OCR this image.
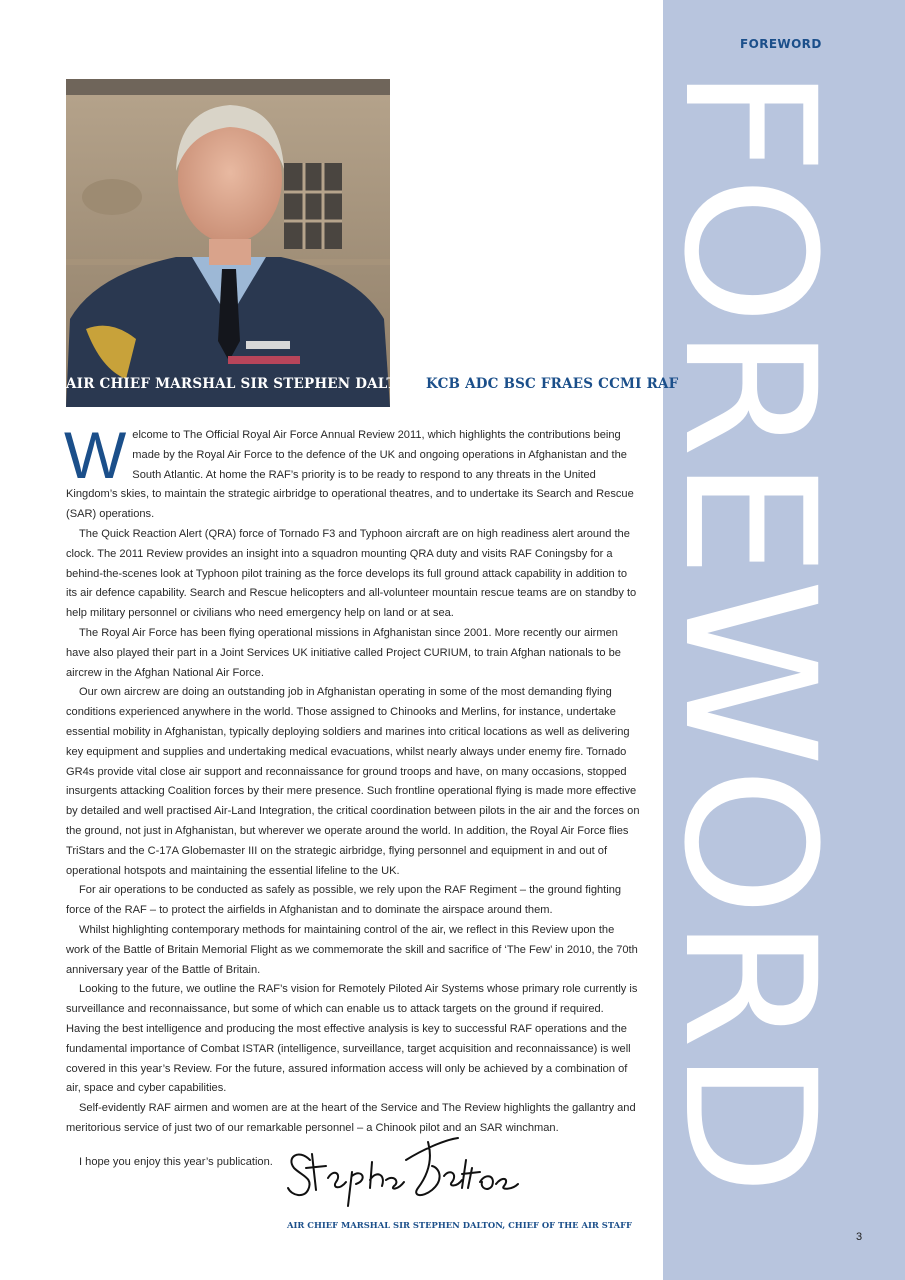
FOREWORD
FOREWORD
AIR CHIEF MARSHAL SIR STEPHEN DALTON KCB ADC BSC FRAES CCMI RAF

Welcome to The Official Royal Air Force Annual Review 2011, which highlights the contributions being made by the Royal Air Force to the defence of the UK and ongoing operations in Afghanistan and the South Atlantic. At home the RAF’s priority is to be ready to respond to any threats in the United Kingdom’s skies, to maintain the strategic airbridge to operational theatres, and to undertake its Search and Rescue (SAR) operations.

The Quick Reaction Alert (QRA) force of Tornado F3 and Typhoon aircraft are on high readiness alert around the clock. The 2011 Review provides an insight into a squadron mounting QRA duty and visits RAF Coningsby for a behind-the-scenes look at Typhoon pilot training as the force develops its full ground attack capability in addition to its air defence capability. Search and Rescue helicopters and all-volunteer mountain rescue teams are on standby to help military personnel or civilians who need emergency help on land or at sea.

The Royal Air Force has been flying operational missions in Afghanistan since 2001. More recently our airmen have also played their part in a Joint Services UK initiative called Project CURIUM, to train Afghan nationals to be aircrew in the Afghan National Air Force.

Our own aircrew are doing an outstanding job in Afghanistan operating in some of the most demanding flying conditions experienced anywhere in the world. Those assigned to Chinooks and Merlins, for instance, undertake essential mobility in Afghanistan, typically deploying soldiers and marines into critical locations as well as delivering key equipment and supplies and undertaking medical evacuations, whilst nearly always under enemy fire. Tornado GR4s provide vital close air support and reconnaissance for ground troops and have, on many occasions, stopped insurgents attacking Coalition forces by their mere presence. Such frontline operational flying is made more effective by detailed and well practised Air-Land Integration, the critical coordination between pilots in the air and the forces on the ground, not just in Afghanistan, but wherever we operate around the world. In addition, the Royal Air Force flies TriStars and the C-17A Globemaster III on the strategic airbridge, flying personnel and equipment in and out of operational hotspots and maintaining the essential lifeline to the UK.

For air operations to be conducted as safely as possible, we rely upon the RAF Regiment – the ground fighting force of the RAF – to protect the airfields in Afghanistan and to dominate the airspace around them.

Whilst highlighting contemporary methods for maintaining control of the air, we reflect in this Review upon the work of the Battle of Britain Memorial Flight as we commemorate the skill and sacrifice of ‘The Few’ in 2010, the 70th anniversary year of the Battle of Britain.

Looking to the future, we outline the RAF’s vision for Remotely Piloted Air Systems whose primary role currently is surveillance and reconnaissance, but some of which can enable us to attack targets on the ground if required. Having the best intelligence and producing the most effective analysis is key to successful RAF operations and the fundamental importance of Combat ISTAR (intelligence, surveillance, target acquisition and reconnaissance) is well covered in this year’s Review. For the future, assured information access will only be achieved by a combination of air, space and cyber capabilities.

Self-evidently RAF airmen and women are at the heart of the Service and The Review highlights the gallantry and meritorious service of just two of our remarkable personnel – a Chinook pilot and an SAR winchman.

I hope you enjoy this year’s publication.
AIR CHIEF MARSHAL SIR STEPHEN DALTON, CHIEF OF THE AIR STAFF
3
